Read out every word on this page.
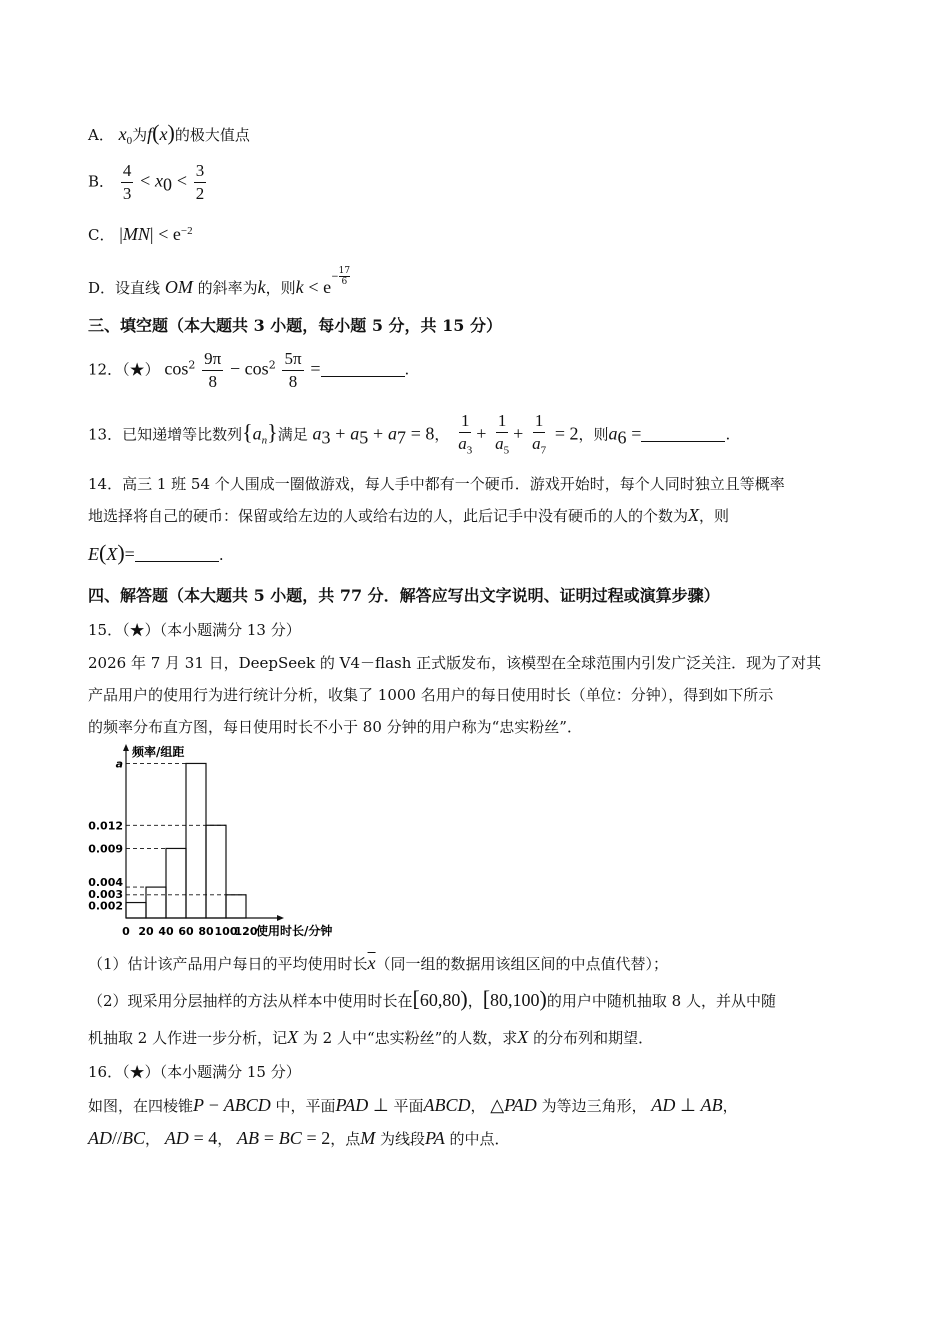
A． $x_0$为f(x)的极大值点
B． $\frac{4}{3} < x_0 < \frac{3}{2}$
C． $|MN| < e^{-2}$
D．设直线 OM 的斜率为k，则$k < e^{- \frac{17}{6}}$
三、填空题（本大题共 3 小题，每小题 5 分，共 15 分）
12．（★） $\cos^2 \frac{9\pi}{8} - \cos^2 \frac{5\pi}{8}$ =	.
13．已知递增等比数列$\{a_n\}$满足 $a_3 + a_5 + a_7 = 8$， $\frac{1}{a_3} + \frac{1}{a_5} + \frac{1}{a_7} = 2$，则$a_6$ =	.
14．高三 1 班 54 个人围成一圈做游戏，每人手中都有一个硬币．游戏开始时，每个人同时独立且等概率
地选择将自己的硬币：保留或给左边的人或给右边的人，此后记手中没有硬币的人的个数为X，则
E(X)=	.
四、解答题（本大题共 5 小题，共 77 分．解答应写出文字说明、证明过程或演算步骤）
15．（★）（本小题满分 13 分）
2026 年 7 月 31 日，DeepSeek 的 V4－flash 正式版发布，该模型在全球范围内引发广泛关注．现为了对其
产品用户的使用行为进行统计分析，收集了 1000 名用户的每日使用时长（单位：分钟），得到如下所示
的频率分布直方图，每日使用时长不小于 80 分钟的用户称为“忠实粉丝”．
频率/组距
使用时长/分钟
a
0.012
0.009
0.004
0.003
0.002
0 20 40 60 80 100
120
（1）估计该产品用户每日的平均使用时长$\overline{x}$（同一组的数据用该组区间的中点值代替）；
（2）现采用分层抽样的方法从样本中使用时长在[60,80)，[80,100)的用户中随机抽取 8 人，并从中随
机抽取 2 人作进一步分析，记X 为 2 人中“忠实粉丝”的人数，求X 的分布列和期望．
16．（★）（本小题满分 15 分）
如图，在四棱锥P − ABCD 中，平面PAD ⊥ 平面ABCD， △PAD 为等边三角形， AD ⊥ AB，
AD//BC， AD = 4， AB = BC = 2，点M 为线段PA 的中点．
